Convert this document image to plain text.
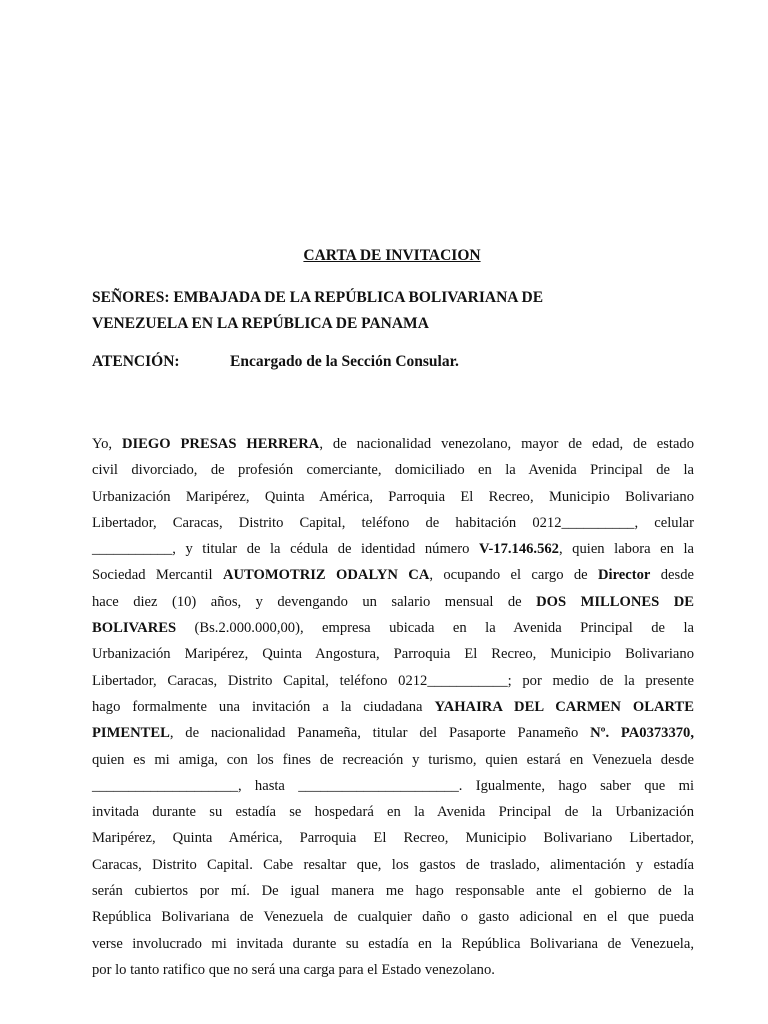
CARTA DE INVITACION
SEÑORES: EMBAJADA DE LA REPÚBLICA BOLIVARIANA DE
VENEZUELA EN LA REPÚBLICA DE PANAMA
ATENCIÓN:	Encargado de la Sección Consular.
Yo, DIEGO PRESAS HERRERA, de nacionalidad venezolano, mayor de edad, de estado
civil divorciado, de profesión comerciante, domiciliado en la Avenida Principal de la
Urbanización Maripérez, Quinta América, Parroquia El Recreo, Municipio Bolivariano
Libertador, Caracas, Distrito Capital, teléfono de habitación 0212__________, celular
___________, y titular de la cédula de identidad número V-17.146.562, quien labora en la
Sociedad Mercantil AUTOMOTRIZ ODALYN CA, ocupando el cargo de Director desde
hace diez (10) años, y devengando un salario mensual de DOS MILLONES DE
BOLIVARES (Bs.2.000.000,00), empresa ubicada en la Avenida Principal de la
Urbanización Maripérez, Quinta Angostura, Parroquia El Recreo, Municipio Bolivariano
Libertador, Caracas, Distrito Capital, teléfono 0212___________; por medio de la presente
hago formalmente una invitación a la ciudadana YAHAIRA DEL CARMEN OLARTE
PIMENTEL, de nacionalidad Panameña, titular del Pasaporte Panameño Nº. PA0373370,
quien es mi amiga, con los fines de recreación y turismo, quien estará en Venezuela desde
____________________, hasta ______________________. Igualmente, hago saber que mi
invitada durante su estadía se hospedará en la Avenida Principal de la Urbanización
Maripérez, Quinta América, Parroquia El Recreo, Municipio Bolivariano Libertador,
Caracas, Distrito Capital. Cabe resaltar que, los gastos de traslado, alimentación y estadía
serán cubiertos por mí. De igual manera me hago responsable ante el gobierno de la
República Bolivariana de Venezuela de cualquier daño o gasto adicional en el que pueda
verse involucrado mi invitada durante su estadía en la República Bolivariana de Venezuela,
por lo tanto ratifico que no será una carga para el Estado venezolano.
